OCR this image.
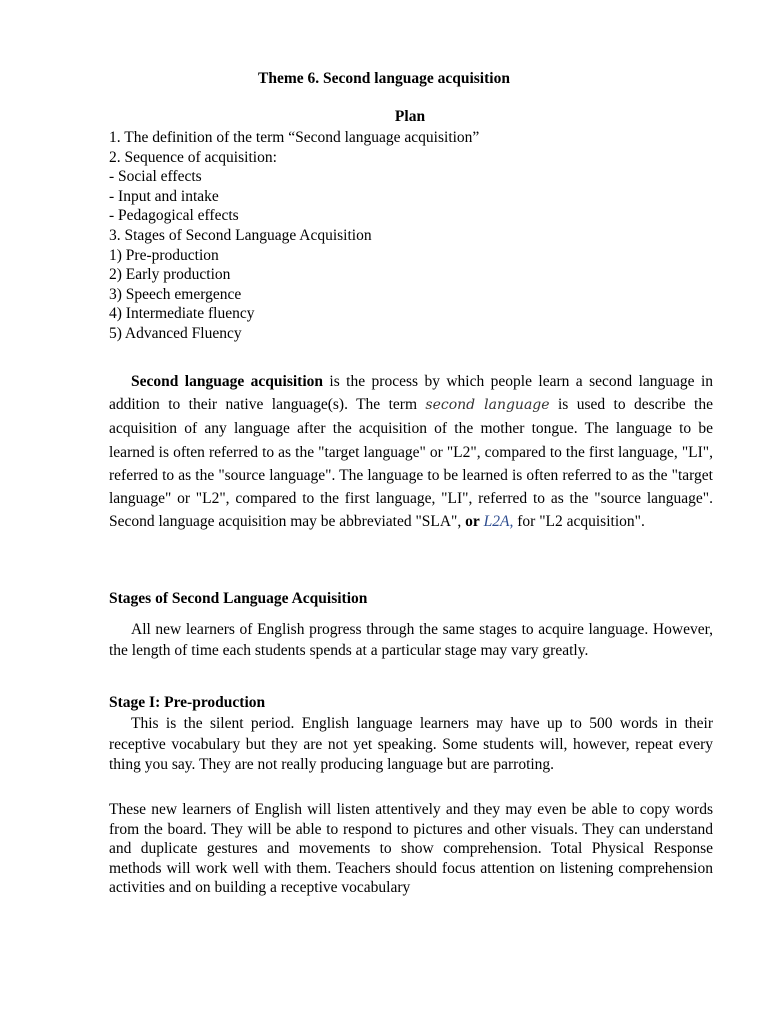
Theme 6. Second language acquisition
Plan
1. The definition of the term “Second language acquisition”
2. Sequence of acquisition:
- Social effects
- Input and intake
- Pedagogical effects
3. Stages of Second Language Acquisition
1) Pre-production
2) Early production
3) Speech emergence
4) Intermediate fluency
5) Advanced Fluency

Second language acquisition is the process by which people learn a second language in addition to their native language(s). The term second language is used to describe the acquisition of any language after the acquisition of the mother tongue. The language to be learned is often referred to as the "target language" or "L2", compared to the first language, "LI", referred to as the "source language". The language to be learned is often referred to as the "target language" or "L2", compared to the first language, "LI", referred to as the "source language". Second language acquisition may be abbreviated "SLA", or L2A, for "L2 acquisition".

Stages of Second Language Acquisition

All new learners of English progress through the same stages to acquire language. However, the length of time each students spends at a particular stage may vary greatly.

Stage I: Pre-production

This is the silent period. English language learners may have up to 500 words in their receptive vocabulary but they are not yet speaking. Some students will, however, repeat every thing you say. They are not really producing language but are parroting.

These new learners of English will listen attentively and they may even be able to copy words from the board. They will be able to respond to pictures and other visuals. They can understand and duplicate gestures and movements to show comprehension. Total Physical Response methods will work well with them. Teachers should focus attention on listening comprehension activities and on building a receptive vocabulary
